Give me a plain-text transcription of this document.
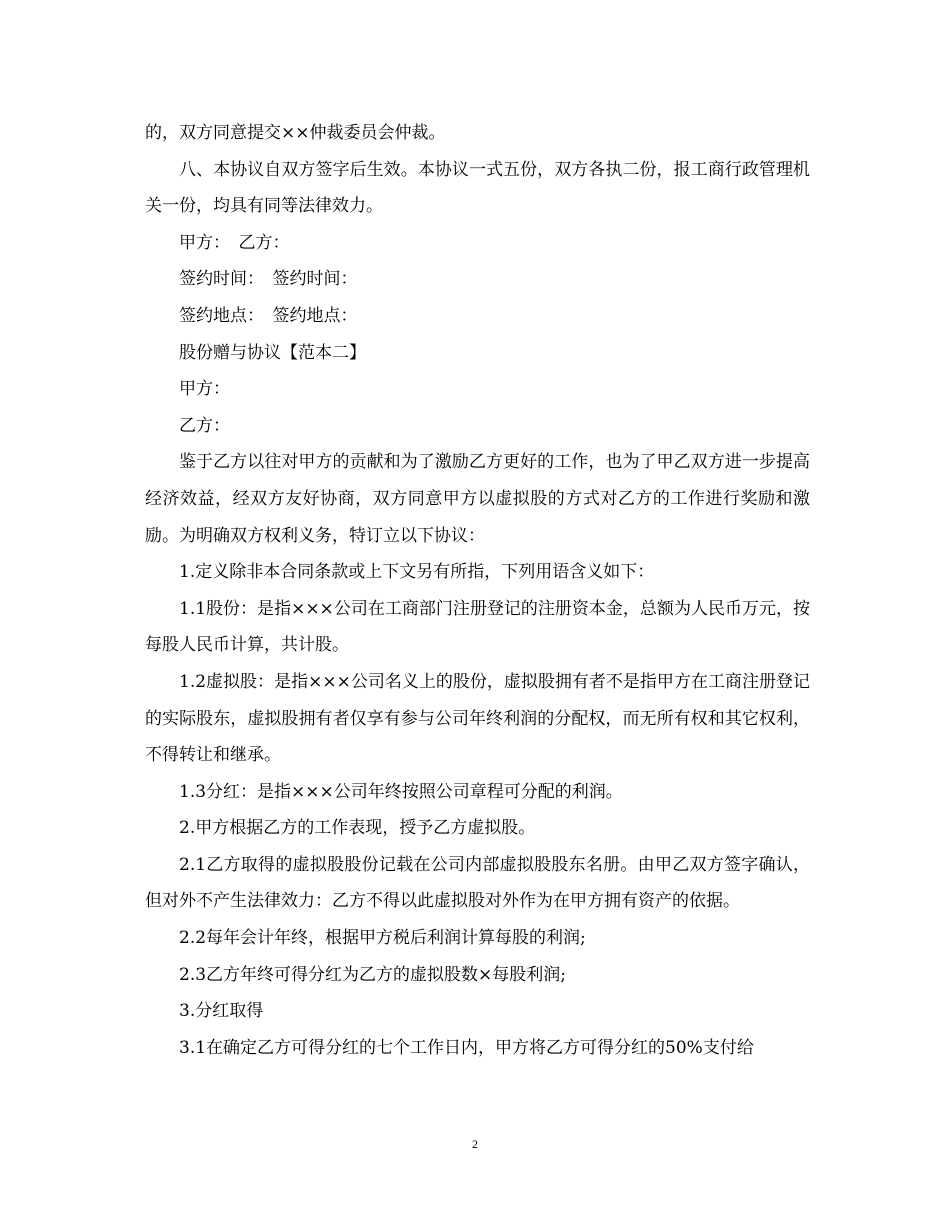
的，双方同意提交××仲裁委员会仲裁。

八、本协议自双方签字后生效。本协议一式五份，双方各执二份，报工商行政管理机关一份，均具有同等法律效力。

甲方：　乙方：

签约时间：　签约时间：

签约地点：　签约地点：

股份赠与协议【范本二】

甲方：

乙方：

鉴于乙方以往对甲方的贡献和为了激励乙方更好的工作，也为了甲乙双方进一步提高经济效益，经双方友好协商，双方同意甲方以虚拟股的方式对乙方的工作进行奖励和激励。为明确双方权利义务，特订立以下协议：

1.定义除非本合同条款或上下文另有所指，下列用语含义如下：

1.1股份：是指×××公司在工商部门注册登记的注册资本金，总额为人民币万元，按每股人民币计算，共计股。

1.2虚拟股：是指×××公司名义上的股份，虚拟股拥有者不是指甲方在工商注册登记的实际股东，虚拟股拥有者仅享有参与公司年终利润的分配权，而无所有权和其它权利，不得转让和继承。

1.3分红：是指×××公司年终按照公司章程可分配的利润。

2.甲方根据乙方的工作表现，授予乙方虚拟股。

2.1乙方取得的虚拟股股份记载在公司内部虚拟股股东名册。由甲乙双方签字确认，但对外不产生法律效力：乙方不得以此虚拟股对外作为在甲方拥有资产的依据。

2.2每年会计年终，根据甲方税后利润计算每股的利润;

2.3乙方年终可得分红为乙方的虚拟股数×每股利润;

3.分红取得

3.1在确定乙方可得分红的七个工作日内，甲方将乙方可得分红的50%支付给

2
